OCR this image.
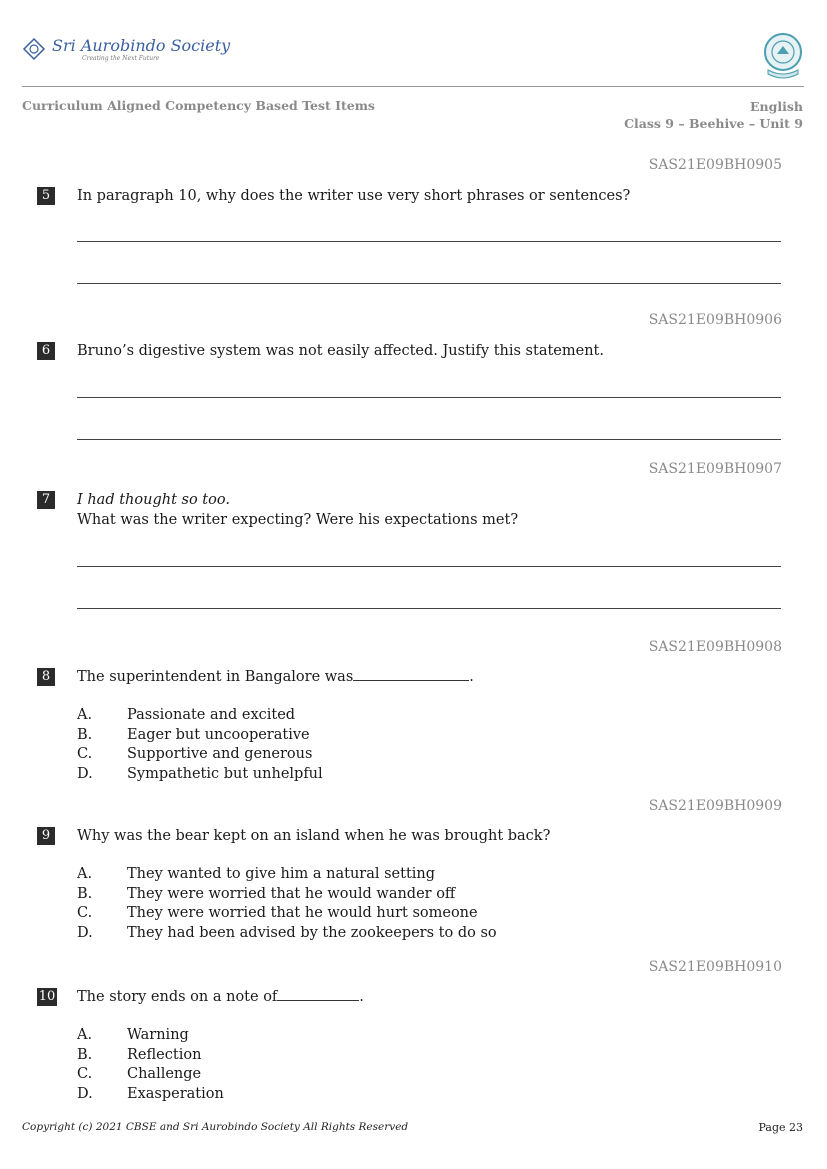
Sri Aurobindo Society
Creating the Next Future
Curriculum Aligned Competency Based Test Items	English
Class 9 – Beehive – Unit 9
SAS21E09BH0905
5	In paragraph 10, why does the writer use very short phrases or sentences?
SAS21E09BH0906
6	Bruno’s digestive system was not easily affected. Justify this statement.
SAS21E09BH0907
7	I had thought so too.
What was the writer expecting? Were his expectations met?
SAS21E09BH0908
8	The superintendent in Bangalore was	.
A.	Passionate and excited
B.	Eager but uncooperative
C.	Supportive and generous
D.	Sympathetic but unhelpful
SAS21E09BH0909
9	Why was the bear kept on an island when he was brought back?
A.	They wanted to give him a natural setting
B.	They were worried that he would wander off
C.	They were worried that he would hurt someone
D.	They had been advised by the zookeepers to do so
SAS21E09BH0910
10 The story ends on a note of	.
A.	Warning
B.	Reflection
C.	Challenge
D.	Exasperation
Copyright (c) 2021 CBSE and Sri Aurobindo Society All Rights Reserved	Page 23
